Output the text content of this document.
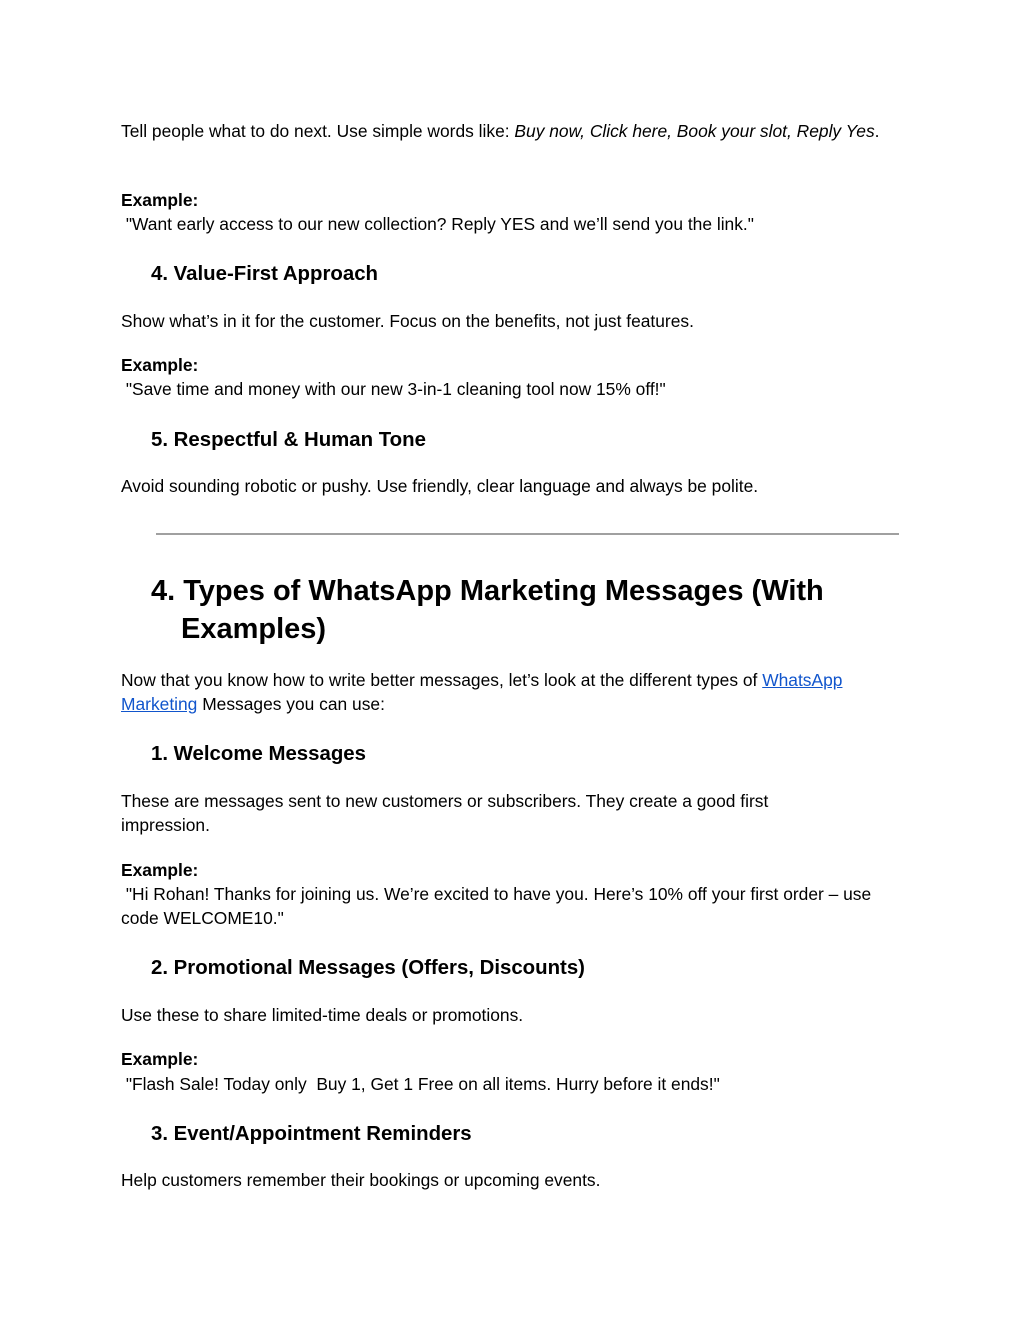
Tell people what to do next. Use simple words like: Buy now, Click here, Book your slot, Reply Yes.

Example:

"Want early access to our new collection? Reply YES and we’ll send you the link."

4. Value-First Approach

Show what’s in it for the customer. Focus on the benefits, not just features.

Example:

"Save time and money with our new 3-in-1 cleaning tool now 15% off!"

5. Respectful & Human Tone

Avoid sounding robotic or pushy. Use friendly, clear language and always be polite.

4. Types of WhatsApp Marketing Messages (With Examples)

Now that you know how to write better messages, let’s look at the different types of WhatsApp Marketing Messages you can use:

1. Welcome Messages

These are messages sent to new customers or subscribers. They create a good first impression.

Example:

"Hi Rohan! Thanks for joining us. We’re excited to have you. Here’s 10% off your first order – use code WELCOME10."

2. Promotional Messages (Offers, Discounts)

Use these to share limited-time deals or promotions.

Example:

"Flash Sale! Today only  Buy 1, Get 1 Free on all items. Hurry before it ends!"

3. Event/Appointment Reminders

Help customers remember their bookings or upcoming events.
